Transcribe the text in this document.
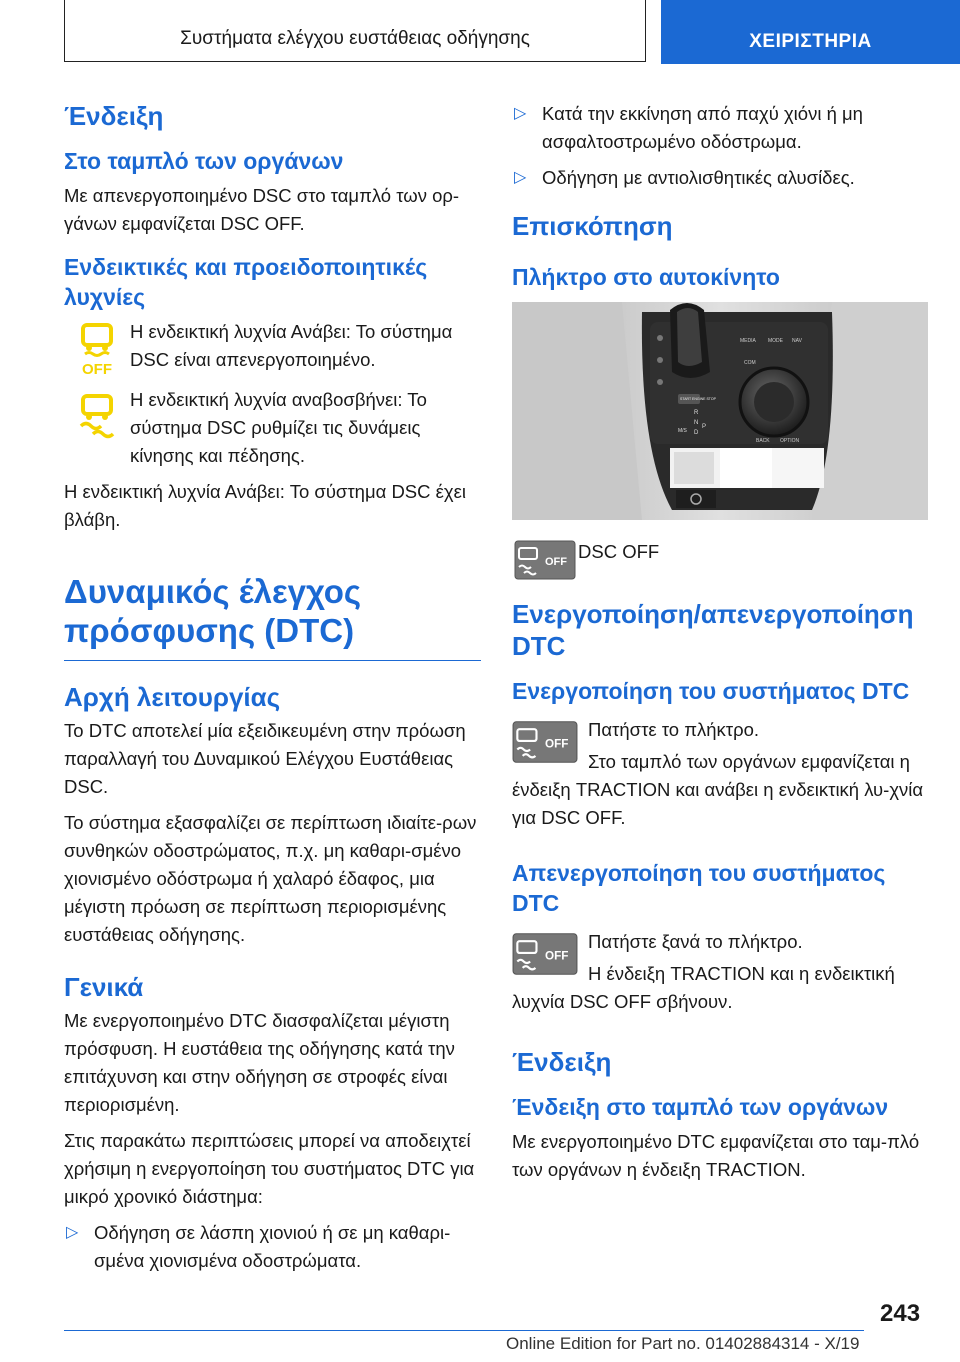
Συστήματα ελέγχου ευστάθειας οδήγησης	ΧΕΙΡΙΣΤΗΡΙΑ
Ένδειξη
Στο ταμπλό των οργάνων
Με απενεργοποιημένο DSC στο ταμπλό των ορ-γάνων εμφανίζεται DSC OFF.
Ενδεικτικές και προειδοποιητικές λυχνίες
OFF
Η ενδεικτική λυχνία Ανάβει: Το σύστημα DSC είναι απενεργοποιημένο.
Η ενδεικτική λυχνία αναβοσβήνει: Το σύστημα DSC ρυθμίζει τις δυνάμεις κίνησης και πέδησης.
Η ενδεικτική λυχνία Ανάβει: Το σύστημα DSC έχει βλάβη.
Δυναμικός έλεγχος πρόσφυσης (DTC)
Αρχή λειτουργίας
Το DTC αποτελεί μία εξειδικευμένη στην πρόωση παραλλαγή του Δυναμικού Ελέγχου Ευστάθειας DSC.
Το σύστημα εξασφαλίζει σε περίπτωση ιδιαίτε-ρων συνθηκών οδοστρώματος, π.χ. μη καθαρι-σμένο χιονισμένο οδόστρωμα ή χαλαρό έδαφος, μια μέγιστη πρόωση σε περίπτωση περιορισμένης ευστάθειας οδήγησης.
Γενικά
Με ενεργοποιημένο DTC διασφαλίζεται μέγιστη πρόσφυση. Η ευστάθεια της οδήγησης κατά την επιτάχυνση και στην οδήγηση σε στροφές είναι περιορισμένη.
Στις παρακάτω περιπτώσεις μπορεί να αποδειχτεί χρήσιμη η ενεργοποίηση του συστήματος DTC για μικρό χρονικό διάστημα:
▷ Οδήγηση σε λάσπη χιονιού ή σε μη καθαρι-σμένα χιονισμένα οδοστρώματα.
▷ Κατά την εκκίνηση από παχύ χιόνι ή μη ασφαλτοστρωμένο οδόστρωμα.
▷ Οδήγηση με αντιολισθητικές αλυσίδες.
Επισκόπηση
Πλήκτρο στο αυτοκίνητο
R
N
D
M/S
P
START ENGINE STOP
MEDIA MODE NAV
COM
BACK OPTION
OFF DSC OFF
Ενεργοποίηση/απενεργοποίηση DTC
Ενεργοποίηση του συστήματος DTC
OFF
Πατήστε το πλήκτρο.
Στο ταμπλό των οργάνων εμφανίζεται η ένδειξη TRACTION και ανάβει η ενδεικτική λυ-χνία για DSC OFF.
Απενεργοποίηση του συστήματος DTC
OFF
Πατήστε ξανά το πλήκτρο.
Η ένδειξη TRACTION και η ενδεικτική λυχνία DSC OFF σβήνουν.
Ένδειξη
Ένδειξη στο ταμπλό των οργάνων
Με ενεργοποιημένο DTC εμφανίζεται στο ταμ-πλό των οργάνων η ένδειξη TRACTION.
243
Online Edition for Part no. 01402884314 - X/19
